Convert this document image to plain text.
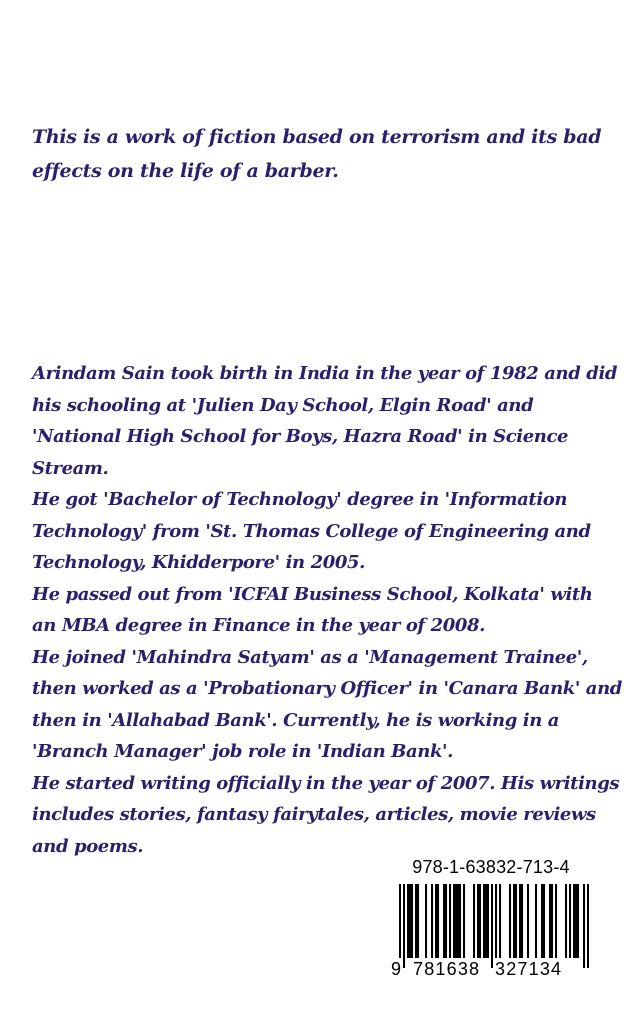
This is a work of fiction based on terrorism and its bad effects on the life of a barber.

Arindam Sain took birth in India in the year of 1982 and did his schooling at 'Julien Day School, Elgin Road' and 'National High School for Boys, Hazra Road' in Science Stream.

He got 'Bachelor of Technology' degree in 'Information Technology' from 'St. Thomas College of Engineering and Technology, Khidderpore' in 2005.

He passed out from 'ICFAI Business School, Kolkata' with an MBA degree in Finance in the year of 2008.

He joined 'Mahindra Satyam' as a 'Management Trainee', then worked as a 'Probationary Officer' in 'Canara Bank' and then in 'Allahabad Bank'. Currently, he is working in a 'Branch Manager' job role in 'Indian Bank'.

He started writing officially in the year of 2007. His writings includes stories, fantasy fairytales, articles, movie reviews and poems.

978-1-63832-713-4
9 781638 327134
